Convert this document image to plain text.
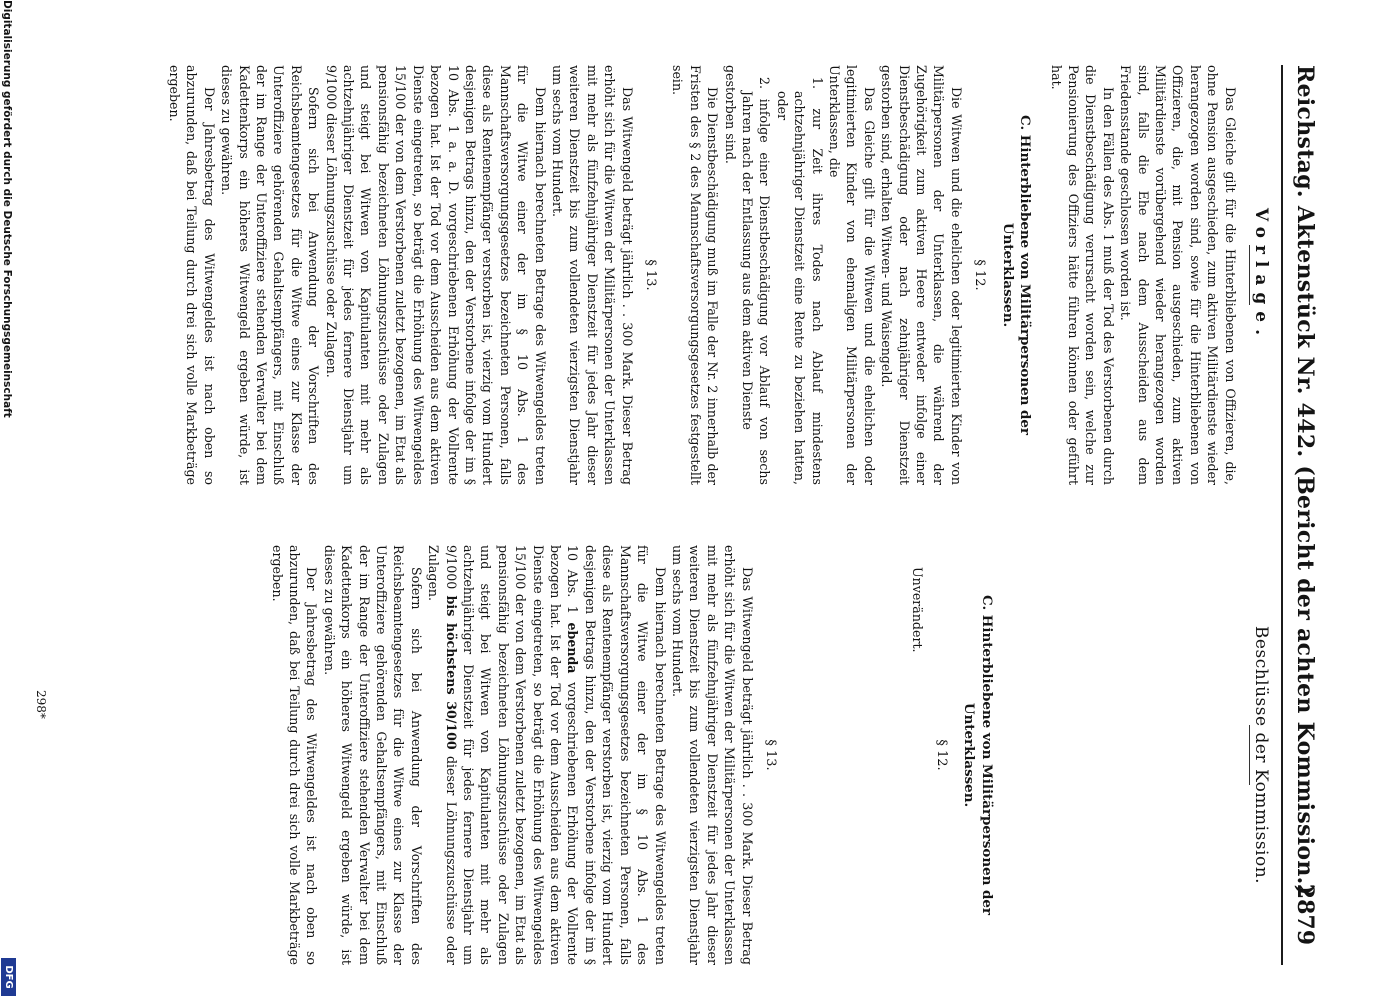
Reichstag. Aktenstück Nr. 442. (Bericht der achten Kommission.)
2879
Vorlage.

Das Gleiche gilt für die Hinterbliebenen von Offizieren, die, ohne Pension ausgeschieden, zum aktiven Militärdienste wieder herangezogen worden sind, sowie für die Hinterbliebenen von Offizieren, die, mit Pension ausgeschieden, zum aktiven Militärdienste vorübergehend wieder herangezogen worden sind, falls die Ehe nach dem Ausscheiden aus dem Friedensstande geschlossen worden ist.

In den Fällen des Abs. 1 muß der Tod des Verstorbenen durch die Dienstbeschädigung verursacht worden sein, welche zur Pensionierung des Offiziers hätte führen können oder geführt hat.

C. Hinterbliebene von Militärpersonen der Unterklassen.
§ 12.

Die Witwen und die ehelichen oder legitimierten Kinder von Militärpersonen der Unterklassen, die während der Zugehörigkeit zum aktiven Heere entweder infolge einer Dienstbeschädigung oder nach zehnjähriger Dienstzeit gestorben sind, erhalten Witwen- und Waisengeld.

Das Gleiche gilt für die Witwen und die ehelichen oder legitimierten Kinder von ehemaligen Militärpersonen der Unterklassen, die

1. zur Zeit ihres Todes nach Ablauf mindestens achtzehnjähriger Dienstzeit eine Rente zu beziehen hatten, oder

2. infolge einer Dienstbeschädigung vor Ablauf von sechs Jahren nach der Entlassung aus dem aktiven Dienste

gestorben sind.

Die Dienstbeschädigung muß im Falle der Nr. 2 innerhalb der Fristen des § 2 des Mannschaftsversorgungsgesetzes festgestellt sein.

§ 13.

Das Witwengeld beträgt jährlich . . 300 Mark. Dieser Betrag erhöht sich für die Witwen der Militärpersonen der Unterklassen mit mehr als fünfzehnjähriger Dienstzeit für jedes Jahr dieser weiteren Dienstzeit bis zum vollendeten vierzigsten Dienstjahr um sechs vom Hundert.

Dem hiernach berechneten Betrage des Witwengeldes treten für die Witwe einer der im § 10 Abs. 1 des Mannschaftsversorgungsgesetzes bezeichneten Personen, falls diese als Rentenempfänger verstorben ist, vierzig vom Hundert desjenigen Betrags hinzu, den der Verstorbene infolge der im § 10 Abs. 1 a. a. D. vorgeschriebenen Erhöhung der Vollrente bezogen hat. Ist der Tod vor dem Ausscheiden aus dem aktiven Dienste eingetreten, so beträgt die Erhöhung des Witwengeldes 15/100 der von dem Verstorbenen zuletzt bezogenen, im Etat als pensionsfähig bezeichneten Löhnungszuschüsse oder Zulagen und steigt bei Witwen von Kapitulanten mit mehr als achtzehnjähriger Dienstzeit für jedes fernere Dienstjahr um 9/1000 dieser Löhnungszuschüsse oder Zulagen.

Sofern sich bei Anwendung der Vorschriften des Reichsbeamtengesetzes für die Witwe eines zur Klasse der Unteroffiziere gehörenden Gehaltsempfängers, mit Einschluß der im Range der Unteroffiziere stehenden Verwalter bei dem Kadettenkorps ein höheres Witwengeld ergeben würde, ist dieses zu gewähren.

Der Jahresbetrag des Witwengeldes ist nach oben so abzurunden, daß bei Teilung durch drei sich volle Markbeträge ergeben.

Beschlüsse der Kommission.
C. Hinterbliebene von Militärpersonen der Unterklassen.
§ 12.

Unverändert.

§ 13.

Das Witwengeld beträgt jährlich . . 300 Mark. Dieser Betrag erhöht sich für die Witwen der Militärpersonen der Unterklassen mit mehr als fünfzehnjähriger Dienstzeit für jedes Jahr dieser weiteren Dienstzeit bis zum vollendeten vierzigsten Dienstjahr um sechs vom Hundert.

Dem hiernach berechneten Betrage des Witwengeldes treten für die Witwe einer der im § 10 Abs. 1 des Mannschaftsversorgungsgesetzes bezeichneten Personen, falls diese als Rentenempfänger verstorben ist, vierzig vom Hundert desjenigen Betrags hinzu, den der Verstorbene infolge der im § 10 Abs. 1 ebenda vorgeschriebenen Erhöhung der Vollrente bezogen hat. Ist der Tod vor dem Ausscheiden aus dem aktiven Dienste eingetreten, so beträgt die Erhöhung des Witwengeldes 15/100 der von dem Verstorbenen zuletzt bezogenen, im Etat als pensionsfähig bezeichneten Löhnungszuschüsse oder Zulagen und steigt bei Witwen von Kapitulanten mit mehr als achtzehnjähriger Dienstzeit für jedes fernere Dienstjahr um 9/1000 bis höchstens 30/100 dieser Löhnungszuschüsse oder Zulagen.

Sofern sich bei Anwendung der Vorschriften des Reichsbeamtengesetzes für die Witwe eines zur Klasse der Unteroffiziere gehörenden Gehaltsempfängers, mit Einschluß der im Range der Unteroffiziere stehenden Verwalter bei dem Kadettenkorps ein höheres Witwengeld ergeben würde, ist dieses zu gewähren.

Der Jahresbetrag des Witwengeldes ist nach oben so abzurunden, daß bei Teilung durch drei sich volle Markbeträge ergeben.

298*
Digitalisierung gefördert durch die Deutsche Forschungsgemeinschaft
DFG
